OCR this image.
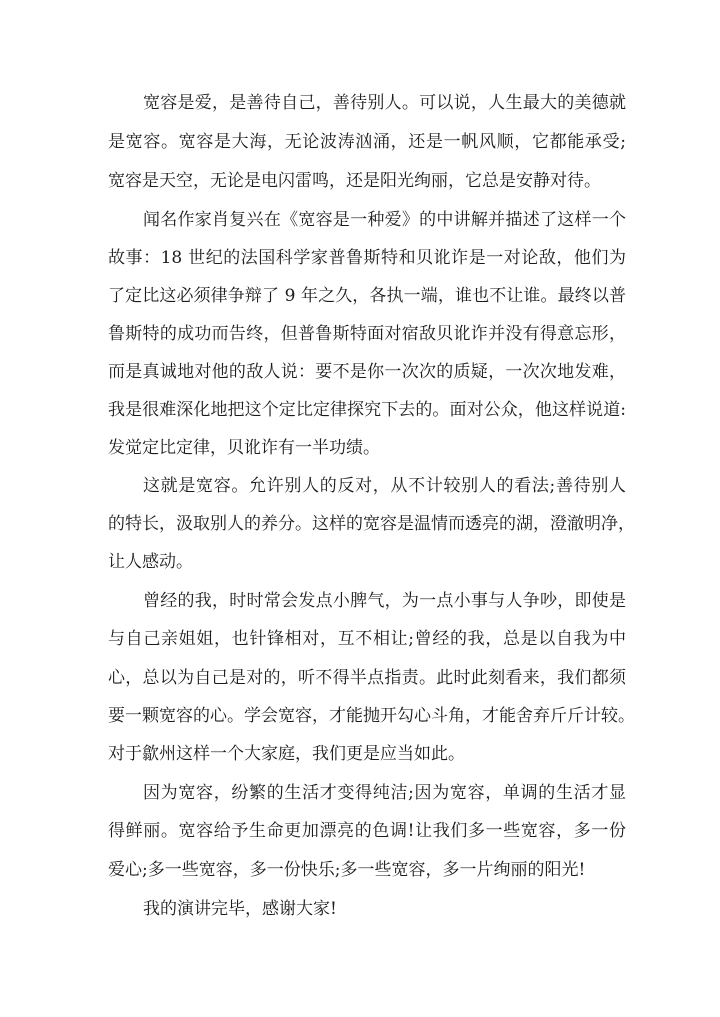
宽容是爱，是善待自己，善待别人。可以说，人生最大的美德就
是宽容。宽容是大海，无论波涛汹涌，还是一帆风顺，它都能承受;
宽容是天空，无论是电闪雷鸣，还是阳光绚丽，它总是安静对待。
闻名作家肖复兴在《宽容是一种爱》的中讲解并描述了这样一个
故事：18 世纪的法国科学家普鲁斯特和贝讹诈是一对论敌，他们为
了定比这必须律争辩了 9 年之久，各执一端，谁也不让谁。最终以普
鲁斯特的成功而告终，但普鲁斯特面对宿敌贝讹诈并没有得意忘形，
而是真诚地对他的敌人说：要不是你一次次的质疑，一次次地发难，
我是很难深化地把这个定比定律探究下去的。面对公众，他这样说道:
发觉定比定律，贝讹诈有一半功绩。
这就是宽容。允许别人的反对，从不计较别人的看法;善待别人
的特长，汲取别人的养分。这样的宽容是温情而透亮的湖，澄澈明净，
让人感动。
曾经的我，时时常会发点小脾气，为一点小事与人争吵，即使是
与自己亲姐姐，也针锋相对，互不相让;曾经的我，总是以自我为中
心，总以为自己是对的，听不得半点指责。此时此刻看来，我们都须
要一颗宽容的心。学会宽容，才能抛开勾心斗角，才能舍弃斤斤计较。
对于歙州这样一个大家庭，我们更是应当如此。
因为宽容，纷繁的生活才变得纯洁;因为宽容，单调的生活才显
得鲜丽。宽容给予生命更加漂亮的色调!让我们多一些宽容，多一份
爱心;多一些宽容，多一份快乐;多一些宽容，多一片绚丽的阳光!
我的演讲完毕，感谢大家!
